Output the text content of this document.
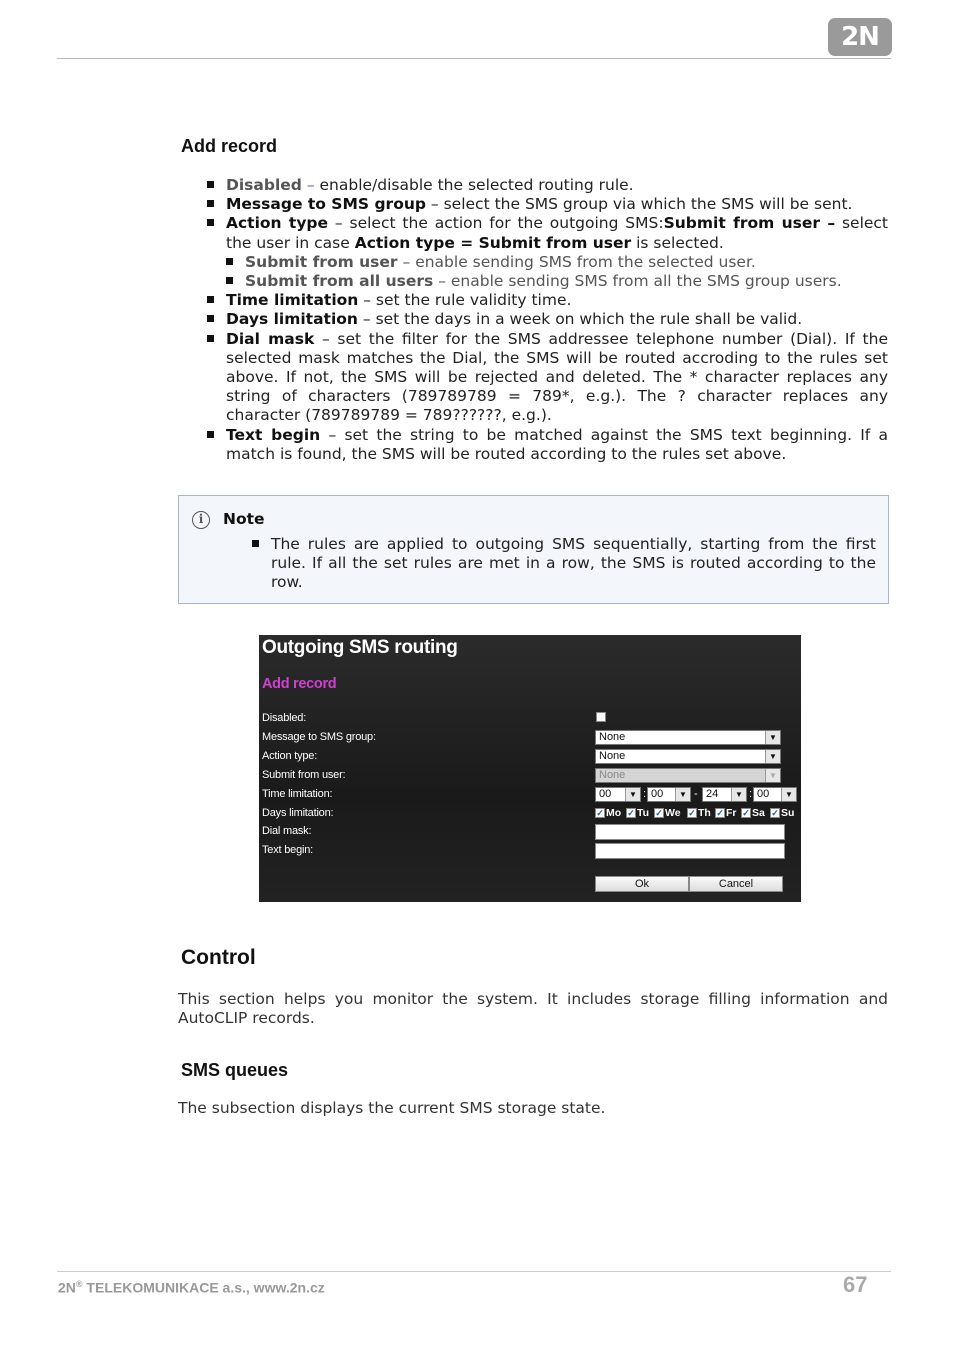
2N
Add record
Disabled – enable/disable the selected routing rule.
Message to SMS group – select the SMS group via which the SMS will be sent.
Action type – select the action for the outgoing SMS:Submit from user – select the user in case Action type = Submit from user is selected.
Submit from user – enable sending SMS from the selected user.
Submit from all users – enable sending SMS from all the SMS group users.
Time limitation – set the rule validity time.
Days limitation – set the days in a week on which the rule shall be valid.
Dial mask – set the filter for the SMS addressee telephone number (Dial). If the selected mask matches the Dial, the SMS will be routed accroding to the rules set above. If not, the SMS will be rejected and deleted. The * character replaces any string of characters (789789789 = 789*, e.g.). The ? character replaces any character (789789789 = 789??????, e.g.).
Text begin – set the string to be matched against the SMS text beginning. If a match is found, the SMS will be routed according to the rules set above.
i	Note
The rules are applied to outgoing SMS sequentially, starting from the first rule. If all the set rules are met in a row, the SMS is routed according to the row.
Outgoing SMS routing
Add record
Disabled:
Message to SMS group:	None	▼
Action type:	None	▼
Submit from user:	None	▼
Time limitation:	00	▼ : 00	▼ - 24	▼ : 00	▼
Days limitation:	✓ Mo ✓ Tu ✓ We ✓ Th ✓ Fr ✓ Sa ✓ Su
Dial mask:
Text begin:
Ok	Cancel
Control

This section helps you monitor the system. It includes storage filling information and AutoCLIP records.

SMS queues

The subsection displays the current SMS storage state.

2N® TELEKOMUNIKACE a.s., www.2n.cz	67
